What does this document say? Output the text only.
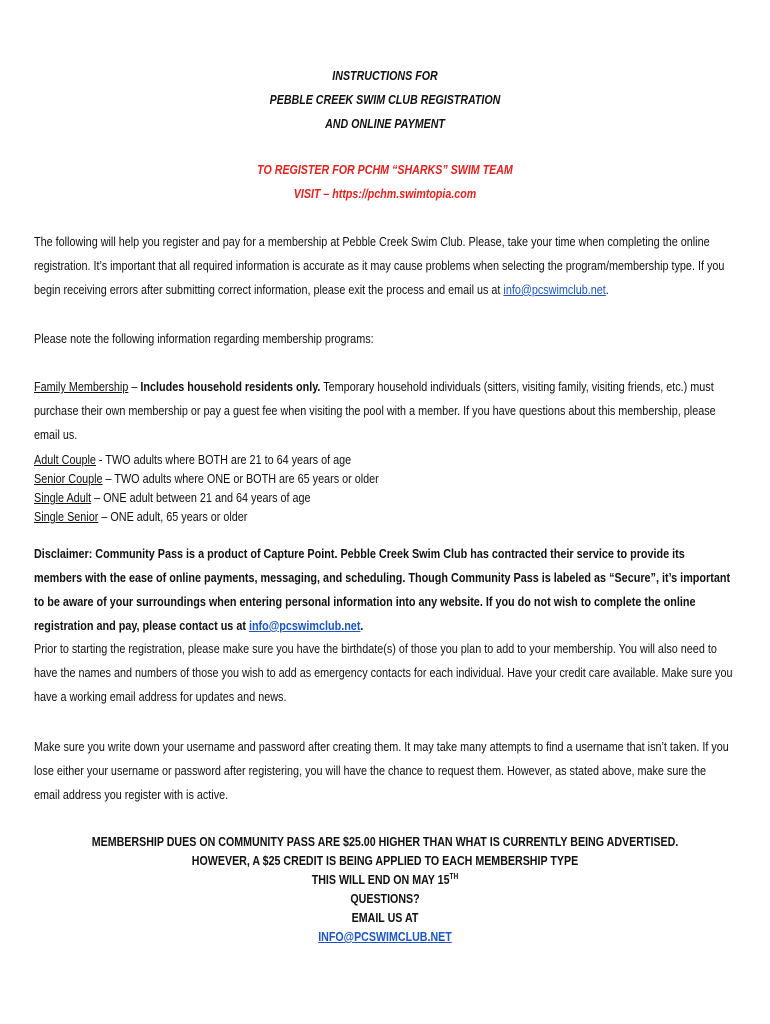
INSTRUCTIONS FOR
PEBBLE CREEK SWIM CLUB REGISTRATION
AND ONLINE PAYMENT
TO REGISTER FOR PCHM “SHARKS” SWIM TEAM
VISIT – https://pchm.swimtopia.com
The following will help you register and pay for a membership at Pebble Creek Swim Club. Please, take your time when completing the online registration. It’s important that all required information is accurate as it may cause problems when selecting the program/membership type. If you begin receiving errors after submitting correct information, please exit the process and email us at info@pcswimclub.net.
Please note the following information regarding membership programs:
Family Membership – Includes household residents only. Temporary household individuals (sitters, visiting family, visiting friends, etc.) must purchase their own membership or pay a guest fee when visiting the pool with a member. If you have questions about this membership, please email us.
Adult Couple - TWO adults where BOTH are 21 to 64 years of age
Senior Couple – TWO adults where ONE or BOTH are 65 years or older
Single Adult – ONE adult between 21 and 64 years of age
Single Senior – ONE adult, 65 years or older
Disclaimer: Community Pass is a product of Capture Point. Pebble Creek Swim Club has contracted their service to provide its members with the ease of online payments, messaging, and scheduling. Though Community Pass is labeled as “Secure”, it’s important to be aware of your surroundings when entering personal information into any website. If you do not wish to complete the online registration and pay, please contact us at info@pcswimclub.net.
Prior to starting the registration, please make sure you have the birthdate(s) of those you plan to add to your membership. You will also need to have the names and numbers of those you wish to add as emergency contacts for each individual. Have your credit care available. Make sure you have a working email address for updates and news.
Make sure you write down your username and password after creating them. It may take many attempts to find a username that isn’t taken. If you lose either your username or password after registering, you will have the chance to request them. However, as stated above, make sure the email address you register with is active.
MEMBERSHIP DUES ON COMMUNITY PASS ARE $25.00 HIGHER THAN WHAT IS CURRENTLY BEING ADVERTISED.
HOWEVER, A $25 CREDIT IS BEING APPLIED TO EACH MEMBERSHIP TYPE
THIS WILL END ON MAY 15TH
QUESTIONS?
EMAIL US AT
INFO@PCSWIMCLUB.NET
